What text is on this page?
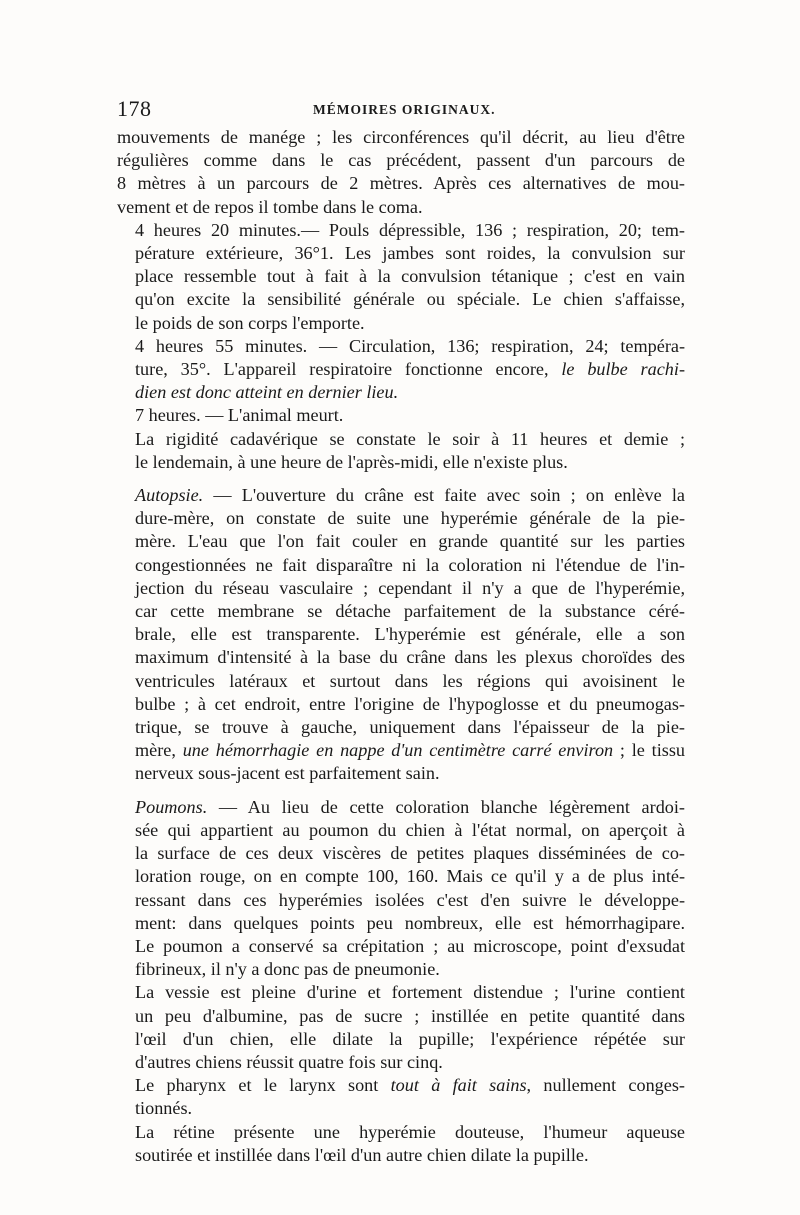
178	MÉMOIRES ORIGINAUX.

mouvements de manége ; les circonférences qu'il décrit, au lieu d'être
régulières comme dans le cas précédent, passent d'un parcours de
8 mètres à un parcours de 2 mètres. Après ces alternatives de mou-
vement et de repos il tombe dans le coma.

4 heures 20 minutes.— Pouls dépressible, 136 ; respiration, 20; tem-
pérature extérieure, 36°1. Les jambes sont roides, la convulsion sur
place ressemble tout à fait à la convulsion tétanique ; c'est en vain
qu'on excite la sensibilité générale ou spéciale. Le chien s'affaisse,
le poids de son corps l'emporte.

4 heures 55 minutes. — Circulation, 136; respiration, 24; tempéra-
ture, 35°. L'appareil respiratoire fonctionne encore, le bulbe rachi-
dien est donc atteint en dernier lieu.

7 heures. — L'animal meurt.

La rigidité cadavérique se constate le soir à 11 heures et demie ;
le lendemain, à une heure de l'après-midi, elle n'existe plus.

Autopsie. — L'ouverture du crâne est faite avec soin ; on enlève la
dure-mère, on constate de suite une hyperémie générale de la pie-
mère. L'eau que l'on fait couler en grande quantité sur les parties
congestionnées ne fait disparaître ni la coloration ni l'étendue de l'in-
jection du réseau vasculaire ; cependant il n'y a que de l'hyperémie,
car cette membrane se détache parfaitement de la substance céré-
brale, elle est transparente. L'hyperémie est générale, elle a son
maximum d'intensité à la base du crâne dans les plexus choroïdes des
ventricules latéraux et surtout dans les régions qui avoisinent le
bulbe ; à cet endroit, entre l'origine de l'hypoglosse et du pneumogas-
trique, se trouve à gauche, uniquement dans l'épaisseur de la pie-
mère, une hémorrhagie en nappe d'un centimètre carré environ ; le tissu
nerveux sous-jacent est parfaitement sain.

Poumons. — Au lieu de cette coloration blanche légèrement ardoi-
sée qui appartient au poumon du chien à l'état normal, on aperçoit à
la surface de ces deux viscères de petites plaques disséminées de co-
loration rouge, on en compte 100, 160. Mais ce qu'il y a de plus inté-
ressant dans ces hyperémies isolées c'est d'en suivre le développe-
ment: dans quelques points peu nombreux, elle est hémorrhagipare.
Le poumon a conservé sa crépitation ; au microscope, point d'exsudat
fibrineux, il n'y a donc pas de pneumonie.

La vessie est pleine d'urine et fortement distendue ; l'urine contient
un peu d'albumine, pas de sucre ; instillée en petite quantité dans
l'œil d'un chien, elle dilate la pupille; l'expérience répétée sur
d'autres chiens réussit quatre fois sur cinq.

Le pharynx et le larynx sont tout à fait sains, nullement conges-
tionnés.

La rétine présente une hyperémie douteuse, l'humeur aqueuse
soutirée et instillée dans l'œil d'un autre chien dilate la pupille.
